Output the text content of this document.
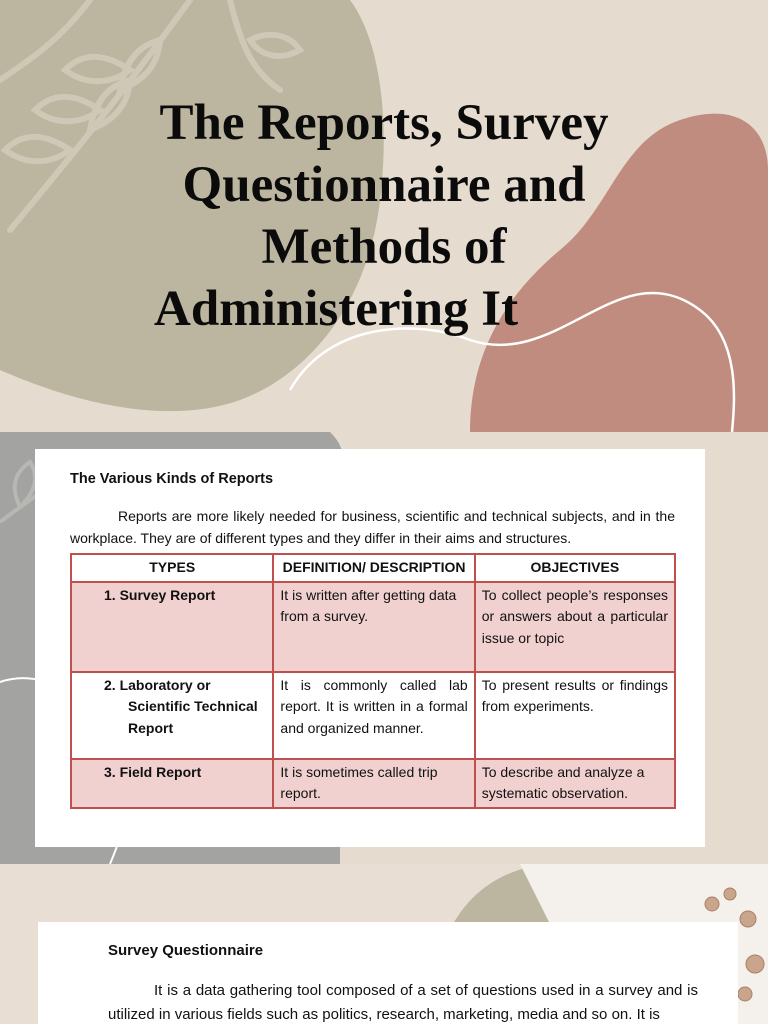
The Reports, Survey
Questionnaire and
Methods of
Administering It
The Various Kinds of Reports

Reports are more likely needed for business, scientific and technical subjects, and in the workplace. They are of different types and they differ in their aims and structures.

TYPES	DEFINITION/ DESCRIPTION	OBJECTIVES
1. Survey Report	It is written after getting data from a survey.	To collect people’s responses or answers about a particular issue or topic

2. Laboratory or
Scientific Technical Report	It is commonly called lab report. It is written in a formal and organized manner.	To present results or findings from experiments.
3. Field Report	It is sometimes called trip report.	To describe and analyze a systematic observation.
Survey Questionnaire

It is a data gathering tool composed of a set of questions used in a survey and is utilized in various fields such as politics, research, marketing, media and so on. It is
